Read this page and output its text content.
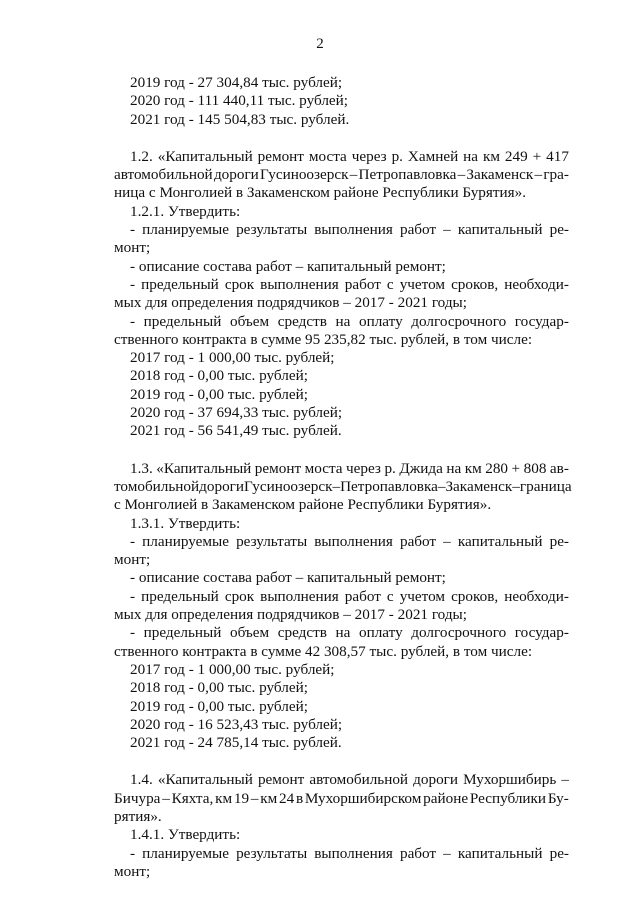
2
2019 год - 27 304,84 тыс. рублей;
2020 год - 111 440,11 тыс. рублей;
2021 год - 145 504,83 тыс. рублей.
1.2. «Капитальный ремонт моста через р. Хамней на км 249 + 417
автомобильной дороги Гусиноозерск – Петропавловка – Закаменск – гра-
ница с Монголией в Закаменском районе Республики Бурятия».
1.2.1. Утвердить:
- планируемые результаты выполнения работ – капитальный ре-
монт;
- описание состава работ – капитальный ремонт;
- предельный срок выполнения работ с учетом сроков, необходи-
мых для определения подрядчиков – 2017 - 2021 годы;
- предельный объем средств на оплату долгосрочного государ-
ственного контракта в сумме 95 235,82 тыс. рублей, в том числе:
2017 год - 1 000,00 тыс. рублей;
2018 год - 0,00 тыс. рублей;
2019 год - 0,00 тыс. рублей;
2020 год - 37 694,33 тыс. рублей;
2021 год - 56 541,49 тыс. рублей.
1.3. «Капитальный ремонт моста через р. Джида на км 280 + 808 ав-
томобильной дороги Гусиноозерск – Петропавловка – Закаменск – граница
с Монголией в Закаменском районе Республики Бурятия».
1.3.1. Утвердить:
- планируемые результаты выполнения работ – капитальный ре-
монт;
- описание состава работ – капитальный ремонт;
- предельный срок выполнения работ с учетом сроков, необходи-
мых для определения подрядчиков – 2017 - 2021 годы;
- предельный объем средств на оплату долгосрочного государ-
ственного контракта в сумме 42 308,57 тыс. рублей, в том числе:
2017 год - 1 000,00 тыс. рублей;
2018 год - 0,00 тыс. рублей;
2019 год - 0,00 тыс. рублей;
2020 год - 16 523,43 тыс. рублей;
2021 год - 24 785,14 тыс. рублей.
1.4. «Капитальный ремонт автомобильной дороги Мухоршибирь –
Бичура – Кяхта, км 19 – км 24 в Мухоршибирском районе Республики Бу-
рятия».
1.4.1. Утвердить:
- планируемые результаты выполнения работ – капитальный ре-
монт;
